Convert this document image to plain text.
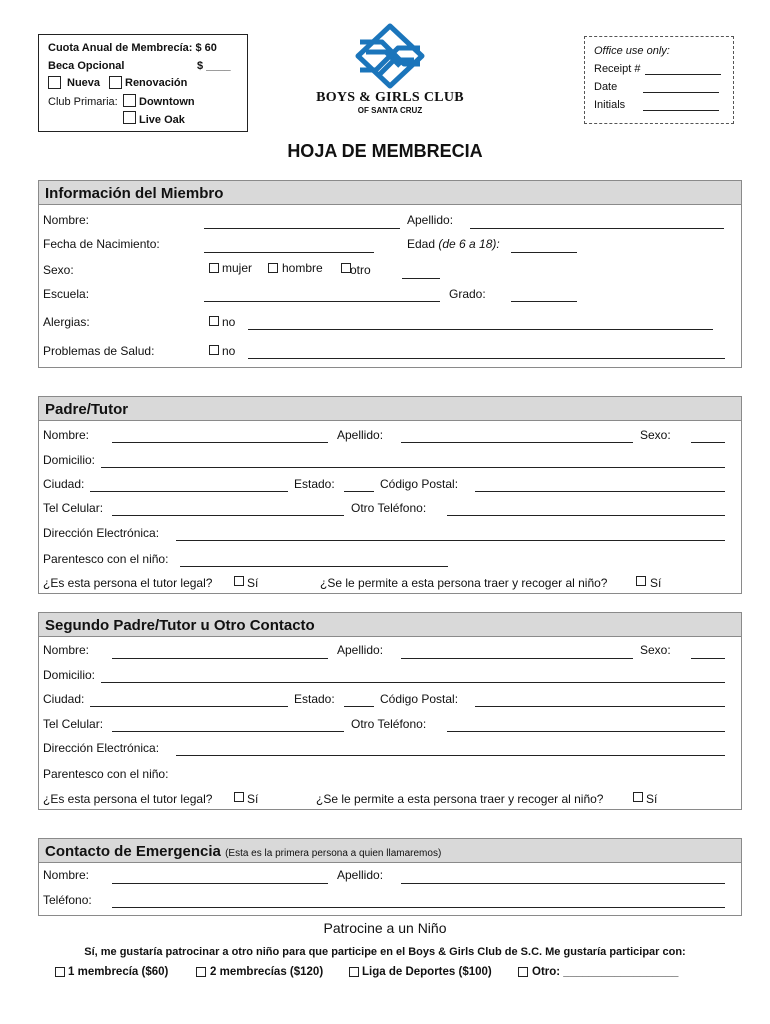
Cuota Anual de Membrecía: $ 60
Beca Opcional	$ ____
Nueva Renovación
Club Primaria: Downtown
Live Oak
BOYS & GIRLS CLUB
OF SANTA CRUZ
Office use only:
Receipt #
Date
Initials
HOJA DE MEMBRECIA
Información del Miembro
Nombre:	Apellido:
Fecha de Nacimiento:	Edad (de 6 a 18):
Sexo:	mujer hombre otro
Escuela:	Grado:
Alergias:	no
Problemas de Salud:	no
Padre/Tutor
Nombre:	Apellido:	Sexo:
Domicilio:
Ciudad:	Estado:	Código Postal:
Tel Celular:	Otro Teléfono:
Dirección Electrónica:
Parentesco con el niño:
¿Es esta persona el tutor legal?	Sí	¿Se le permite a esta persona traer y recoger al niño?	Sí
Segundo Padre/Tutor u Otro Contacto
Nombre:	Apellido:	Sexo:
Domicilio:
Ciudad:	Estado:	Código Postal:
Tel Celular:	Otro Teléfono:
Dirección Electrónica:
Parentesco con el niño:
¿Es esta persona el tutor legal?	Sí	¿Se le permite a esta persona traer y recoger al niño?	Sí
Contacto de Emergencia (Esta es la primera persona a quien llamaremos)
Nombre:	Apellido:
Teléfono:
Patrocine a un Niño
Sí, me gustaría patrocinar a otro niño para que participe en el Boys & Girls Club de S.C. Me gustaría participar con:
1 membrecía ($60)	2 membrecías ($120)	Liga de Deportes ($100)	Otro: __________________
